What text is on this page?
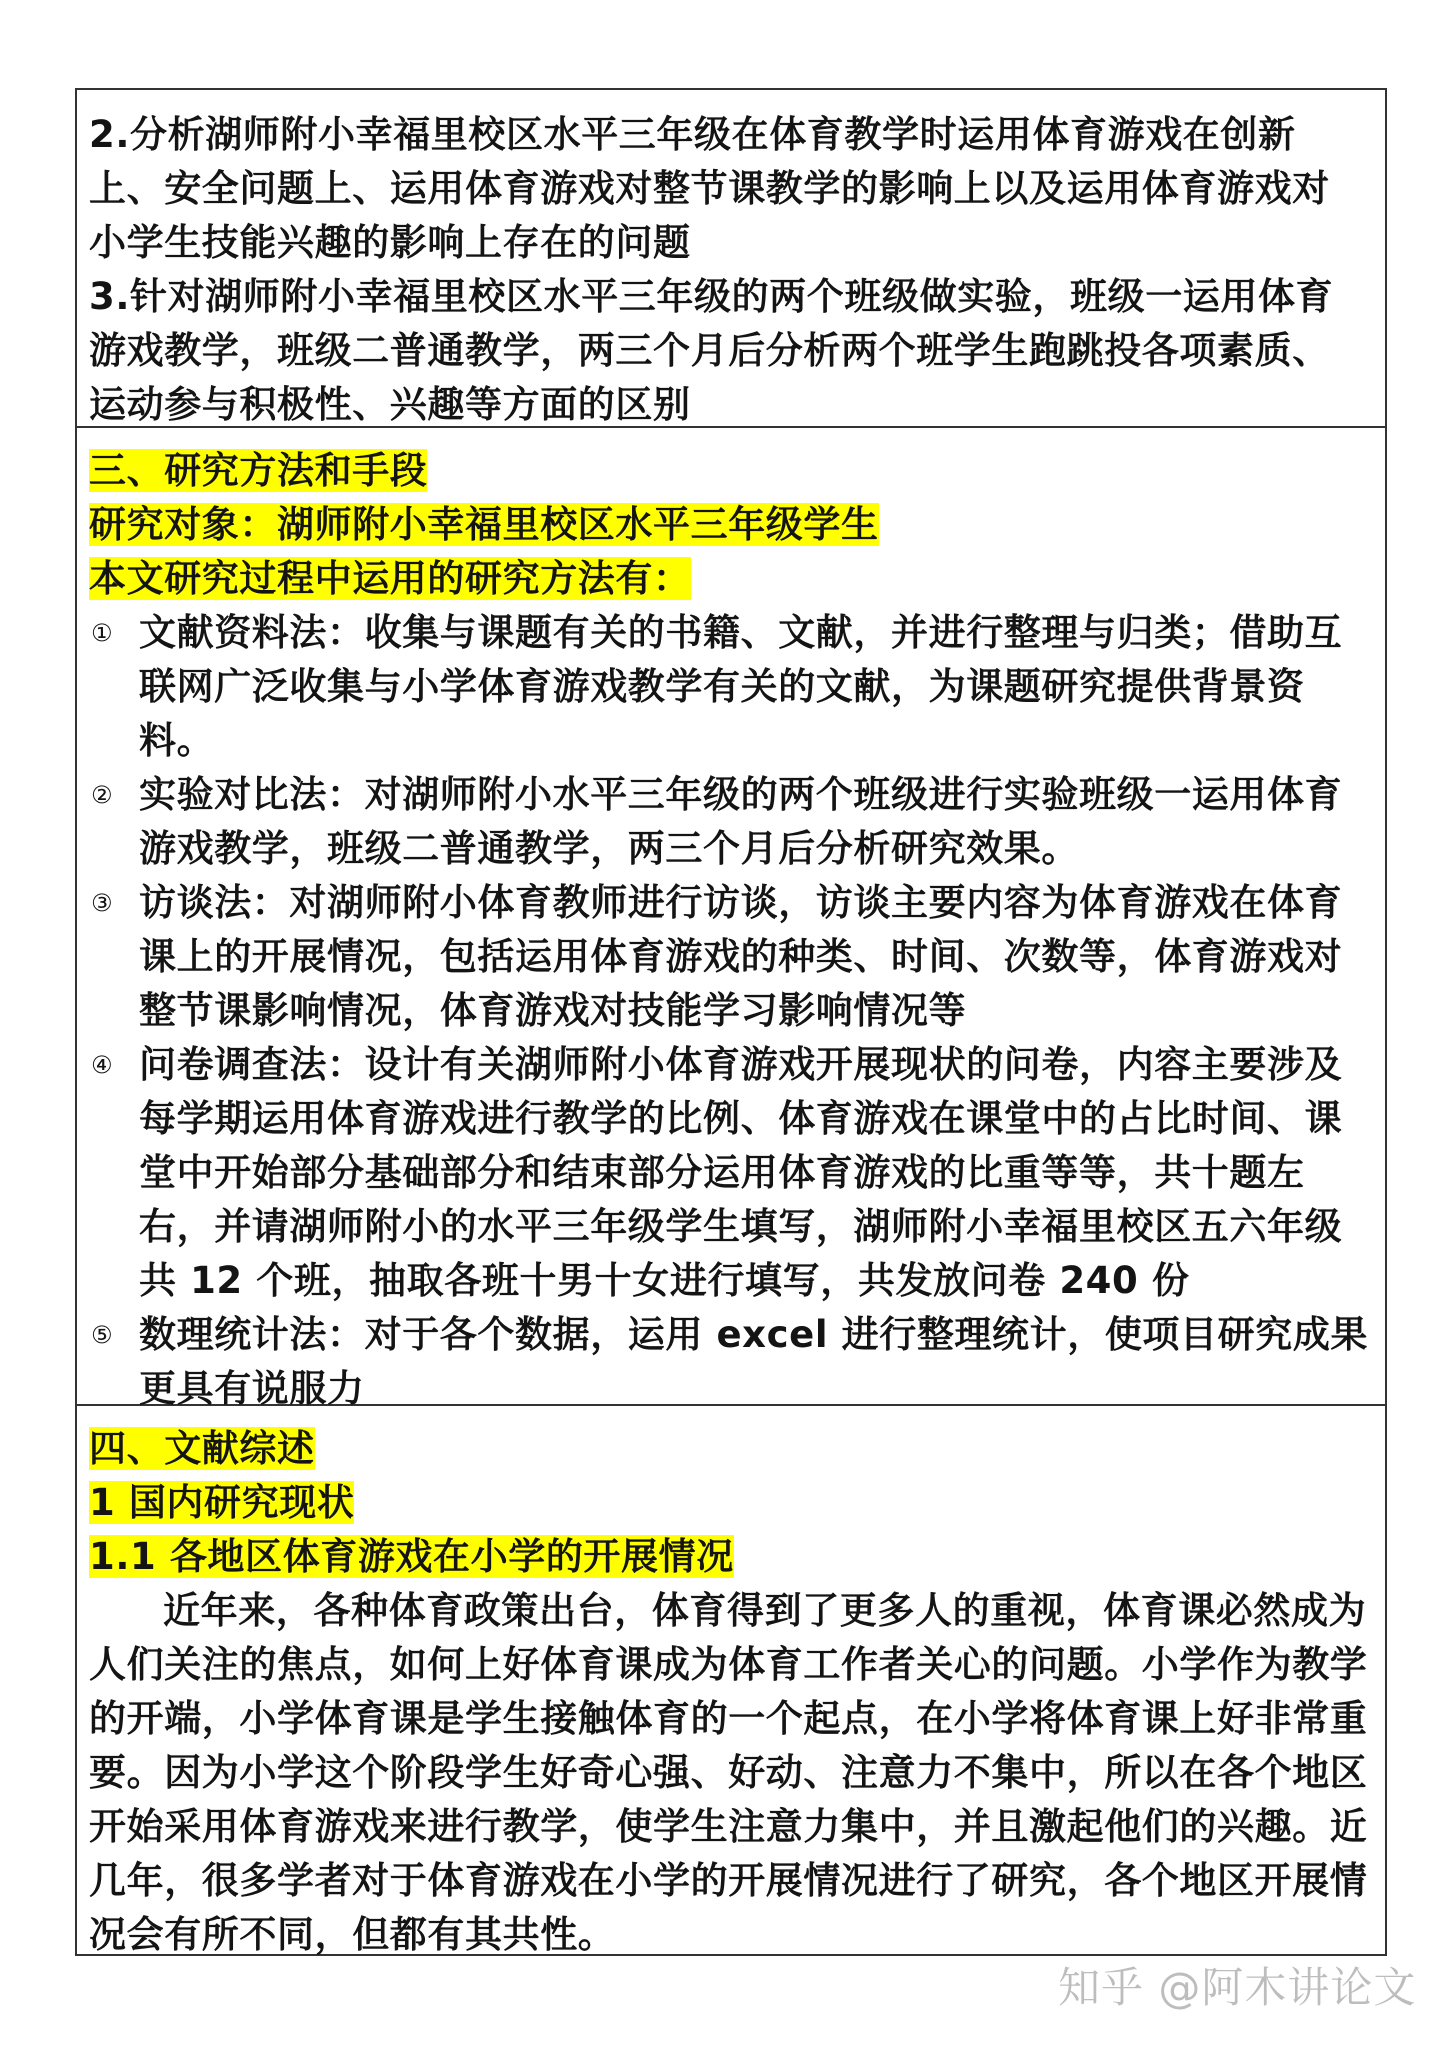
2.分析湖师附小幸福里校区水平三年级在体育教学时运用体育游戏在创新
上、安全问题上、运用体育游戏对整节课教学的影响上以及运用体育游戏对
小学生技能兴趣的影响上存在的问题
3.针对湖师附小幸福里校区水平三年级的两个班级做实验，班级一运用体育
游戏教学，班级二普通教学，两三个月后分析两个班学生跑跳投各项素质、
运动参与积极性、兴趣等方面的区别
三、研究方法和手段
研究对象：湖师附小幸福里校区水平三年级学生
本文研究过程中运用的研究方法有：
① 文献资料法：收集与课题有关的书籍、文献，并进行整理与归类；借助互
联网广泛收集与小学体育游戏教学有关的文献，为课题研究提供背景资
料。
② 实验对比法：对湖师附小水平三年级的两个班级进行实验班级一运用体育
游戏教学，班级二普通教学，两三个月后分析研究效果。
③ 访谈法：对湖师附小体育教师进行访谈，访谈主要内容为体育游戏在体育
课上的开展情况，包括运用体育游戏的种类、时间、次数等，体育游戏对
整节课影响情况，体育游戏对技能学习影响情况等
④ 问卷调查法：设计有关湖师附小体育游戏开展现状的问卷，内容主要涉及
每学期运用体育游戏进行教学的比例、体育游戏在课堂中的占比时间、课
堂中开始部分基础部分和结束部分运用体育游戏的比重等等，共十题左
右，并请湖师附小的水平三年级学生填写，湖师附小幸福里校区五六年级
共 12 个班，抽取各班十男十女进行填写，共发放问卷 240 份
⑤ 数理统计法：对于各个数据，运用 excel 进行整理统计，使项目研究成果
更具有说服力
四、文献综述
1 国内研究现状
1.1 各地区体育游戏在小学的开展情况
近年来，各种体育政策出台，体育得到了更多人的重视，体育课必然成为人们关注的焦点，如何上好体育课成为体育工作者关心的问题。小学作为教学的开端，小学体育课是学生接触体育的一个起点，在小学将体育课上好非常重要。因为小学这个阶段学生好奇心强、好动、注意力不集中，所以在各个地区开始采用体育游戏来进行教学，使学生注意力集中，并且激起他们的兴趣。近几年，很多学者对于体育游戏在小学的开展情况进行了研究，各个地区开展情况会有所不同，但都有其共性。
知乎 @阿木讲论文
